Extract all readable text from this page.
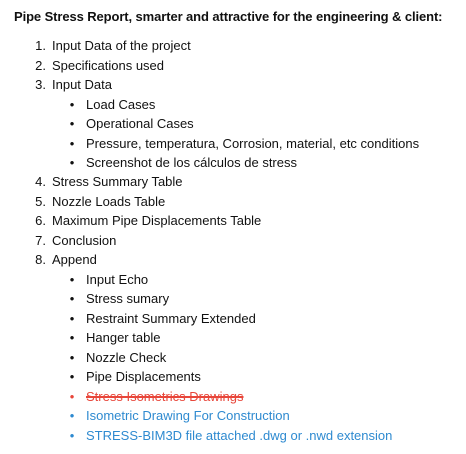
Pipe Stress Report, smarter and attractive for the engineering & client:
1. Input Data of the project
2. Specifications used
3. Input Data
• Load Cases
• Operational Cases
• Pressure, temperatura, Corrosion, material, etc conditions
• Screenshot de los cálculos de stress
4. Stress Summary Table
5. Nozzle Loads Table
6. Maximum Pipe Displacements Table
7. Conclusion
8. Append
• Input Echo
• Stress sumary
• Restraint Summary Extended
• Hanger table
• Nozzle Check
• Pipe Displacements
• Stress Isometrics Drawings
• Isometric Drawing For Construction
• STRESS-BIM3D file attached .dwg or .nwd extension
